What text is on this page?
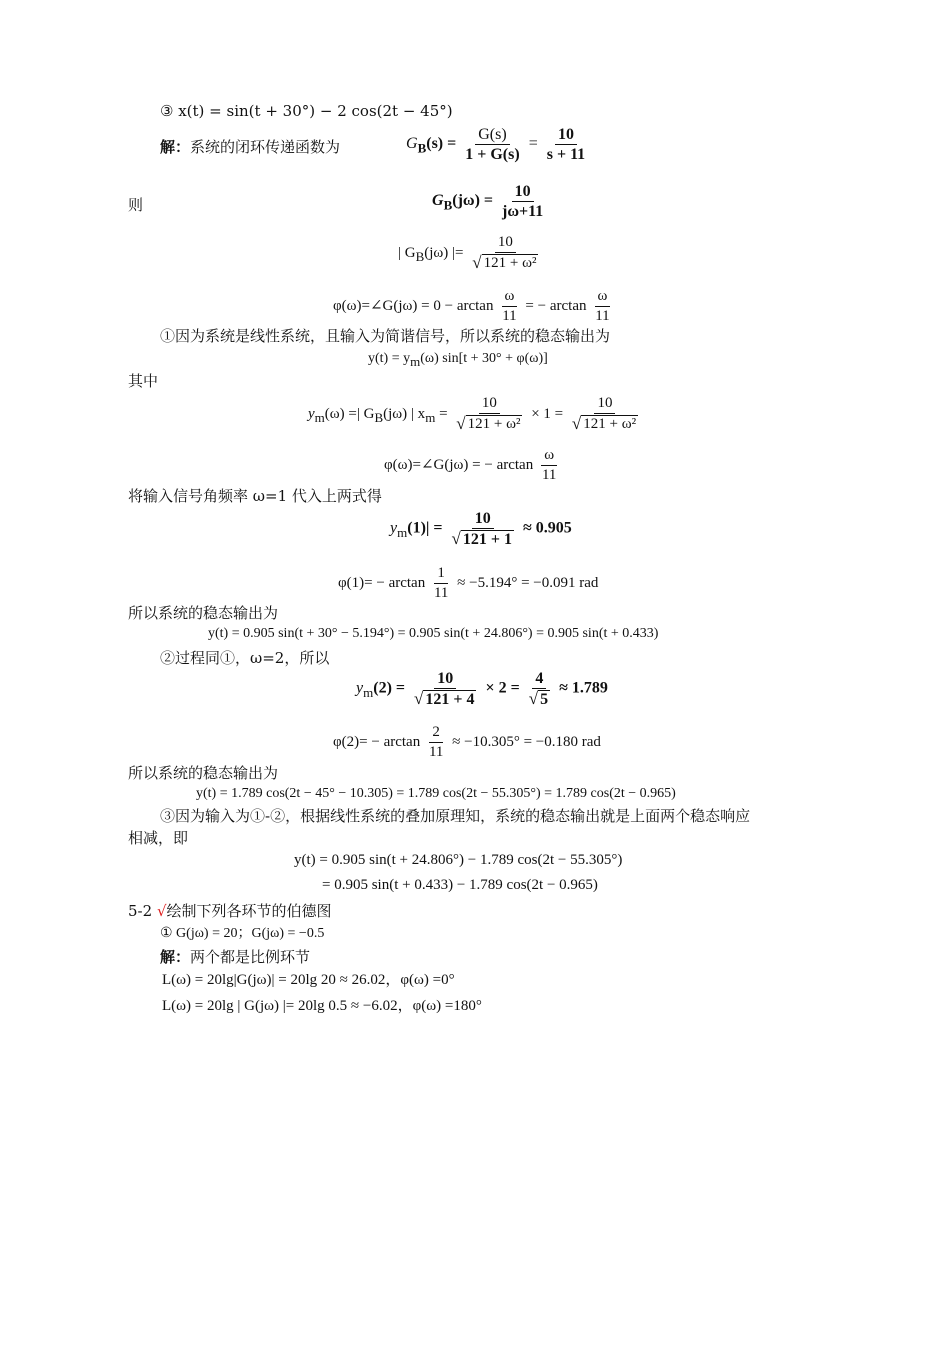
③ x(t) = sin(t + 30°) − 2 cos(2t − 45°)
解：系统的闭环传递函数为	$G_B(s) = \frac{G(s)}{1 + G(s)} = \frac{10}{s + 11}$
则	$G_B(j\omega) = \frac{10}{j\omega+11}$
| $G_B(j\omega)$ |= $\frac{10}{\text{√ 121 + ω²}}$
φ(ω)=∠G(jω) = $0 - \arctan \frac{\omega}{11}$ = − $\arctan \frac{\omega}{11}$
①因为系统是线性系统，且输入为简谐信号，所以系统的稳态输出为
$y(t) = y_m(\omega) \sin[t + 30^\circ + \varphi(\omega)]$
其中
$y_m(\omega)$ =| $G_B(j\omega)$ | $x_m = \frac{10}{\text{√ 121 + ω²}} \times 1 = \frac{10}{\text{√ 121 + ω²}}$
φ(ω)=∠G(jω) = − $\arctan \frac{\omega}{11}$
将输入信号角频率 ω=1 代入上两式得
$y_m(1)| = \frac{10}{√ 121 + 1} \approx 0.905$
$\varphi(1)= - \arctan \frac{1}{11} \approx -5.194^\circ = -0.091$ rad
所以系统的稳态输出为
y(t) = 0.905 sin(t + 30° − 5.194°) = 0.905 sin(t + 24.806°) = 0.905 sin(t + 0.433)
②过程同①，ω=2，所以
$y_m(2) = \frac{10}{√ 121 + 4} \times 2 = \frac{4}{√ 5} \approx 1.789$
$\varphi(2)= - \arctan \frac{2}{11} \approx -10.305^\circ = -0.180$ rad
所以系统的稳态输出为
y(t) = 1.789 cos(2t − 45° − 10.305) = 1.789 cos(2t − 55.305°) = 1.789 cos(2t − 0.965)
③因为输入为①-②，根据线性系统的叠加原理知，系统的稳态输出就是上面两个稳态响应
相减，即
y(t) = 0.905 sin(t + 24.806°) − 1.789 cos(2t − 55.305°)
= 0.905 sin(t + 0.433) − 1.789 cos(2t − 0.965)
5-2 √绘制下列各环节的伯德图
① G(jω) = 20；G(jω) = −0.5
解：两个都是比例环节
L(ω) = 20lg|G(jω)| = 20lg 20 ≈ 26.02，φ(ω) =0°
L(ω) = 20lg | G(jω) |= 20lg 0.5 ≈ −6.02，φ(ω) =180°
